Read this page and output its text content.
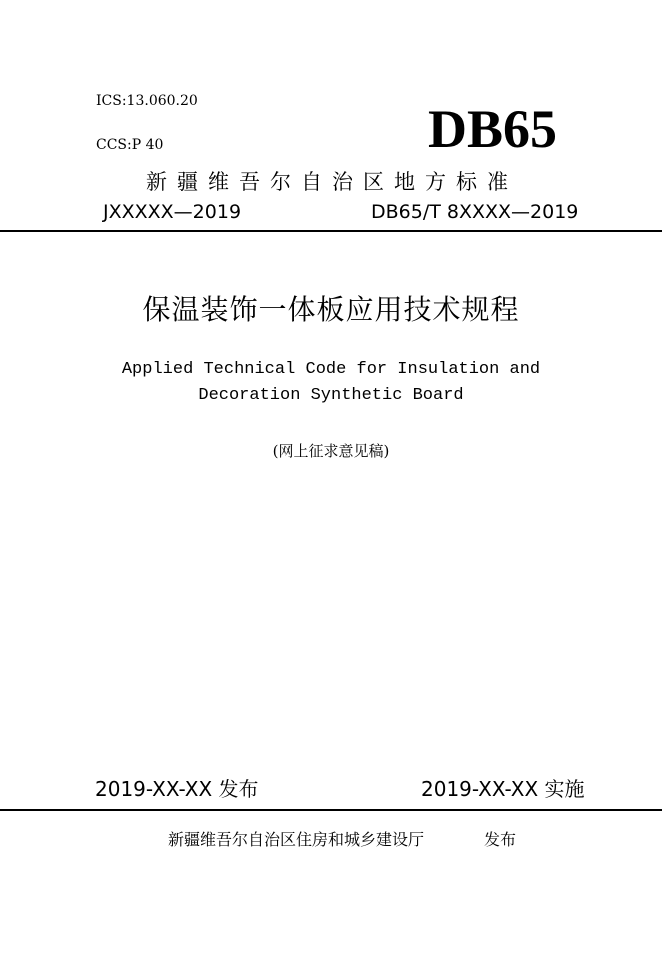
ICS:13.060.20
CCS:P 40	DB65
新疆维吾尔自治区地方标准
JXXXXX—2019	DB65/T 8XXXX—2019
保温装饰一体板应用技术规程
Applied Technical Code for Insulation and
Decoration Synthetic Board
(网上征求意见稿)
2019-XX-XX 发布	2019-XX-XX 实施
新疆维吾尔自治区住房和城乡建设厅	发布
